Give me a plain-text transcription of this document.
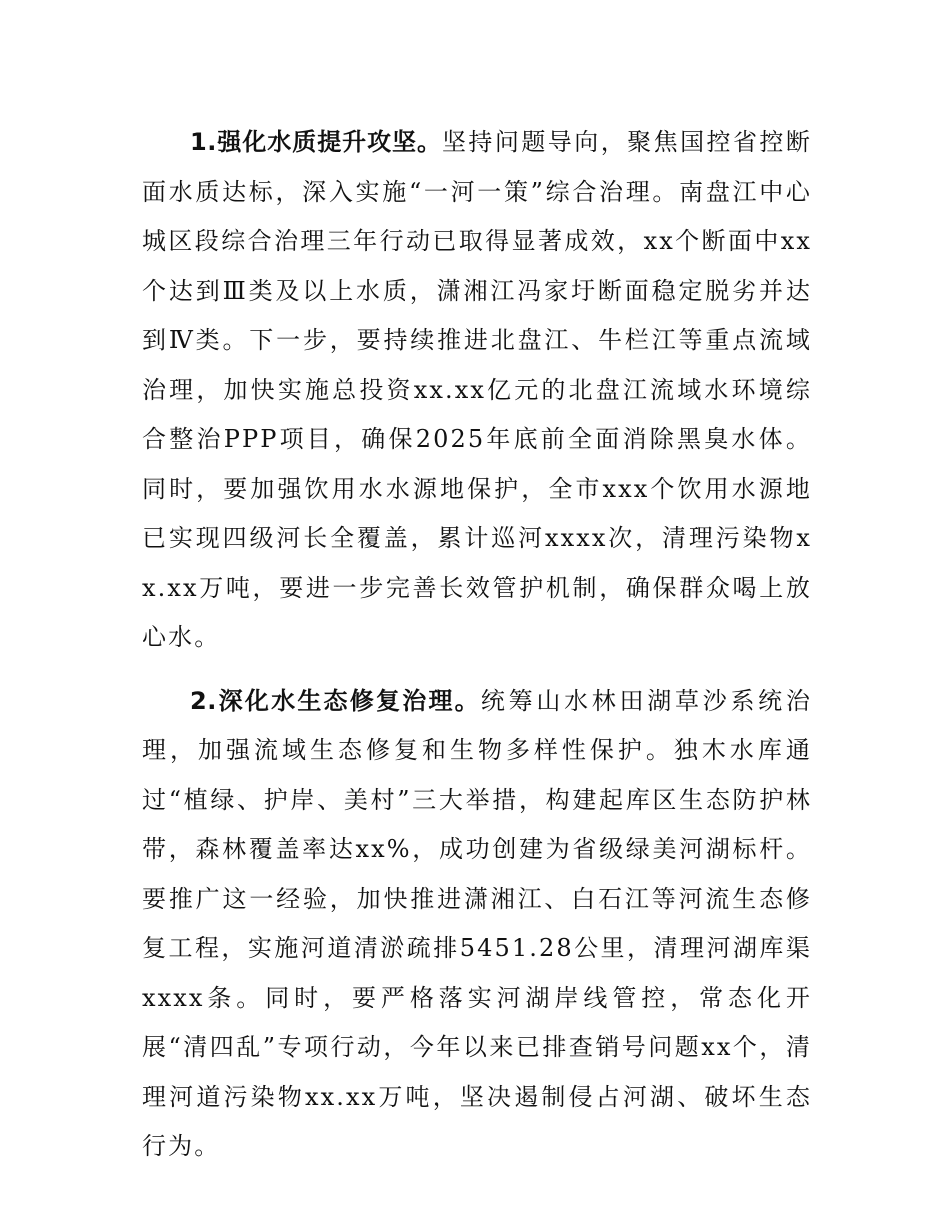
1.强化水质提升攻坚。坚持问题导向，聚焦国控省控断面水质达标，深入实施“一河一策”综合治理。南盘江中心城区段综合治理三年行动已取得显著成效，xx个断面中xx个达到Ⅲ类及以上水质，潇湘江冯家圩断面稳定脱劣并达到Ⅳ类。下一步，要持续推进北盘江、牛栏江等重点流域治理，加快实施总投资xx.xx亿元的北盘江流域水环境综合整治PPP项目，确保2025年底前全面消除黑臭水体。同时，要加强饮用水水源地保护，全市xxx个饮用水源地已实现四级河长全覆盖，累计巡河xxxx次，清理污染物xx.xx万吨，要进一步完善长效管护机制，确保群众喝上放心水。

2.深化水生态修复治理。统筹山水林田湖草沙系统治理，加强流域生态修复和生物多样性保护。独木水库通过“植绿、护岸、美村”三大举措，构建起库区生态防护林带，森林覆盖率达xx%，成功创建为省级绿美河湖标杆。要推广这一经验，加快推进潇湘江、白石江等河流生态修复工程，实施河道清淤疏排5451.28公里，清理河湖库渠xxxx条。同时，要严格落实河湖岸线管控，常态化开展“清四乱”专项行动，今年以来已排查销号问题xx个，清理河道污染物xx.xx万吨，坚决遏制侵占河湖、破坏生态行为。
